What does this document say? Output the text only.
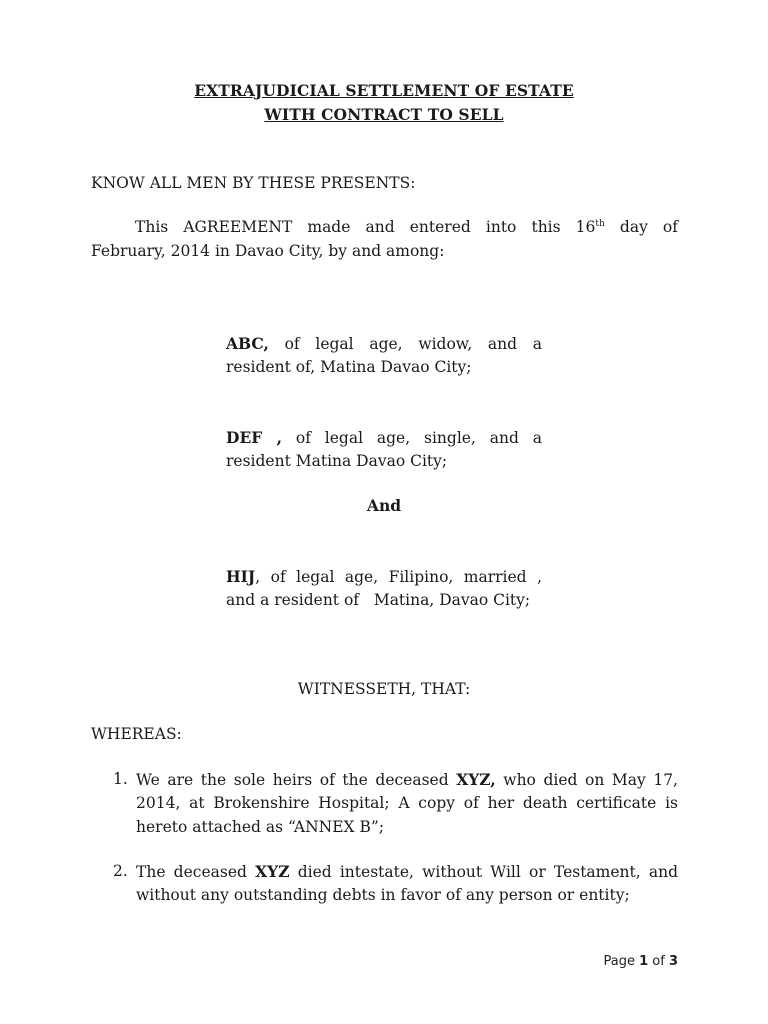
EXTRAJUDICIAL SETTLEMENT OF ESTATE
WITH CONTRACT TO SELL
KNOW ALL MEN BY THESE PRESENTS:
This AGREEMENT made and entered into this 16th day of
February, 2014 in Davao City, by and among:
ABC, of legal age, widow, and a
resident of, Matina Davao City;
DEF , of legal age, single, and a
resident Matina Davao City;
And
HIJ, of legal age, Filipino, married ,
and a resident of   Matina, Davao City;
WITNESSETH, THAT:
WHEREAS:
1. We are the sole heirs of the deceased XYZ, who died on May 17,
2014, at Brokenshire Hospital; A copy of her death certificate is
hereto attached as “ANNEX B”;
2. The deceased XYZ died intestate, without Will or Testament, and
without any outstanding debts in favor of any person or entity;
Page 1 of 3
